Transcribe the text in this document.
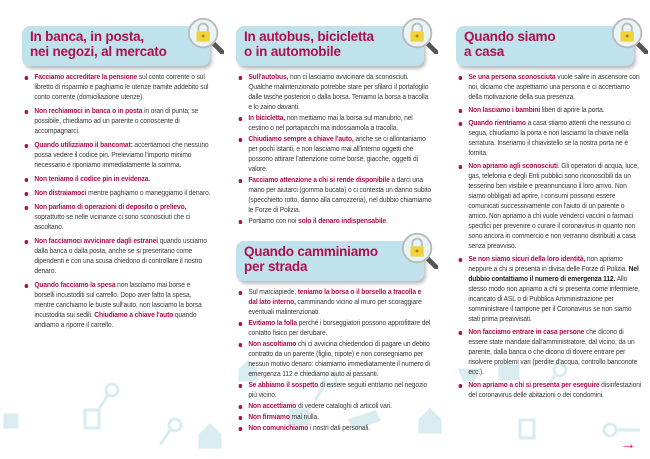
In banca, in posta,
nei negozi, al mercato
Facciamo accreditare la pensione sul conto corrente o sul libretto di risparmio e paghiamo le utenze tramite addebito sul conto corrente (domiciliazione utenze).
Non rechiamoci in banca o in posta in orari di punta; se possibile, chiediamo ad un parente o conoscente di accompagnarci.
Quando utilizziamo il bancomat: accertiamoci che nessuno possa vedere il codice pin. Preleviamo l'importo minimo necessario e riponiamo immediatamente la somma.
Non teniamo il codice pin in evidenza.
Non distraiamoci mentre paghiamo o maneggiamo il denaro.
Non parliamo di operazioni di deposito o prelievo, soprattutto se nelle vicinanze ci sono sconosciuti che ci ascoltano.
Non facciamoci avvicinare dagli estranei quando usciamo dalla banca o dalla posta, anche se si presentano come dipendenti e con una scusa chiedono di controllare il nostro denaro.
Quando facciamo la spesa non lasciamo mai borse e borselli incustoditi sul carrello. Dopo aver fatto la spesa, mentre carichiamo le buste sull'auto, non lasciamo la borsa incustodita sui sedili. Chiudiamo a chiave l'auto quando andiamo a riporre il carrello.
In autobus, bicicletta
o in automobile
Sull'autobus, non ci lasciamo avvicinare da sconosciuti. Qualche malintenzionato potrebbe stare per sfilarci il portafoglio dalle tasche posteriori o dalla borsa. Teniamo la borsa a tracolla e lo zaino davanti.
In bicicletta, non mettiamo mai la borsa sul manubrio, nel cestino o nel portapacchi ma indossiamola a tracolla.
Chiudiamo sempre a chiave l'auto, anche se ci allontaniamo per pochi istanti, e non lasciamo mai all'interno oggetti che possono attirare l'attenzione come borse, giacche, oggetti di valore.
Facciamo attenzione a chi si rende disponibile a darci una mano per aiutarci (gomma bucata) o ci contesta un danno subito (specchietto rotto, danno alla carrozzeria), nel dubbio chiamiamo le Forze di Polizia.
Portiamo con noi solo il denaro indispensabile.
Quando camminiamo
per strada
Sul marciapiede, teniamo la borsa o il borsello a tracolla e dal lato interno, camminando vicino al muro per scoraggiare eventuali malintenzionati.
Evitiamo la folla perché i borseggiatori possono approfittare del contatto fisico per derubare.
Non ascoltiamo chi ci avvicina chiedendoci di pagare un debito contratto da un parente (figlio, nipote) e non consegniamo per nessun motivo denaro: chiamiamo immediatamente il numero di emergenza 112 e chiediamo aiuto ai passanti.
Se abbiamo il sospetto di essere seguiti entriamo nel negozio più vicino.
Non accettiamo di vedere cataloghi di articoli vari.
Non firmiamo mai nulla.
Non comunichiamo i nostri dati personali.
Quando siamo
a casa
Se una persona sconosciuta vuole salire in ascensore con noi, diciamo che aspettiamo una persona e ci accertiamo della motivazione della sua presenza.
Non lasciamo i bambini liberi di aprire la porta.
Quando rientriamo a casa stiamo attenti che nessuno ci segua, chiudiamo la porta e non lasciamo la chiave nella serratura. Inseriamo il chiavistello se la nostra porta ne è fornita.
Non apriamo agli sconosciuti. Gli operatori di acqua, luce, gas, telefonia e degli Enti pubblici sono riconoscibili da un tesserino ben visibile e preannunciano il loro arrivo. Non siamo obbligati ad aprire, i consumi possono essere comunicati successivamente con l'aiuto di un parente o amico. Non apriamo a chi vuole venderci vaccini o farmaci specifici per prevenire o curare il coronavirus in quanto non sono ancora in commercio e non verranno distribuiti a casa senza preavviso.
Se non siamo sicuri della loro identità, non apriamo neppure a chi si presenta in divisa delle Forze di Polizia. Nel dubbio contattiamo il numero di emergenza 112. Allo stesso modo non apriamo a chi si presenta come infermiere, incaricato di ASL o di Pubblica Amministrazione per somministrare il tampone per il Coronavirus se non siamo stati prima preavvisati.
Non facciamo entrare in casa persone che dicono di essere state mandate dall'amministratore, dal vicino, da un parente, dalla banca o che dicono di dovere entrare per risolvere problemi vari (perdite d'acqua, controllo banconote ecc.).
Non apriamo a chi si presenta per eseguire disinfestazioni del coronavirus delle abitazioni o dei condomini.
→
